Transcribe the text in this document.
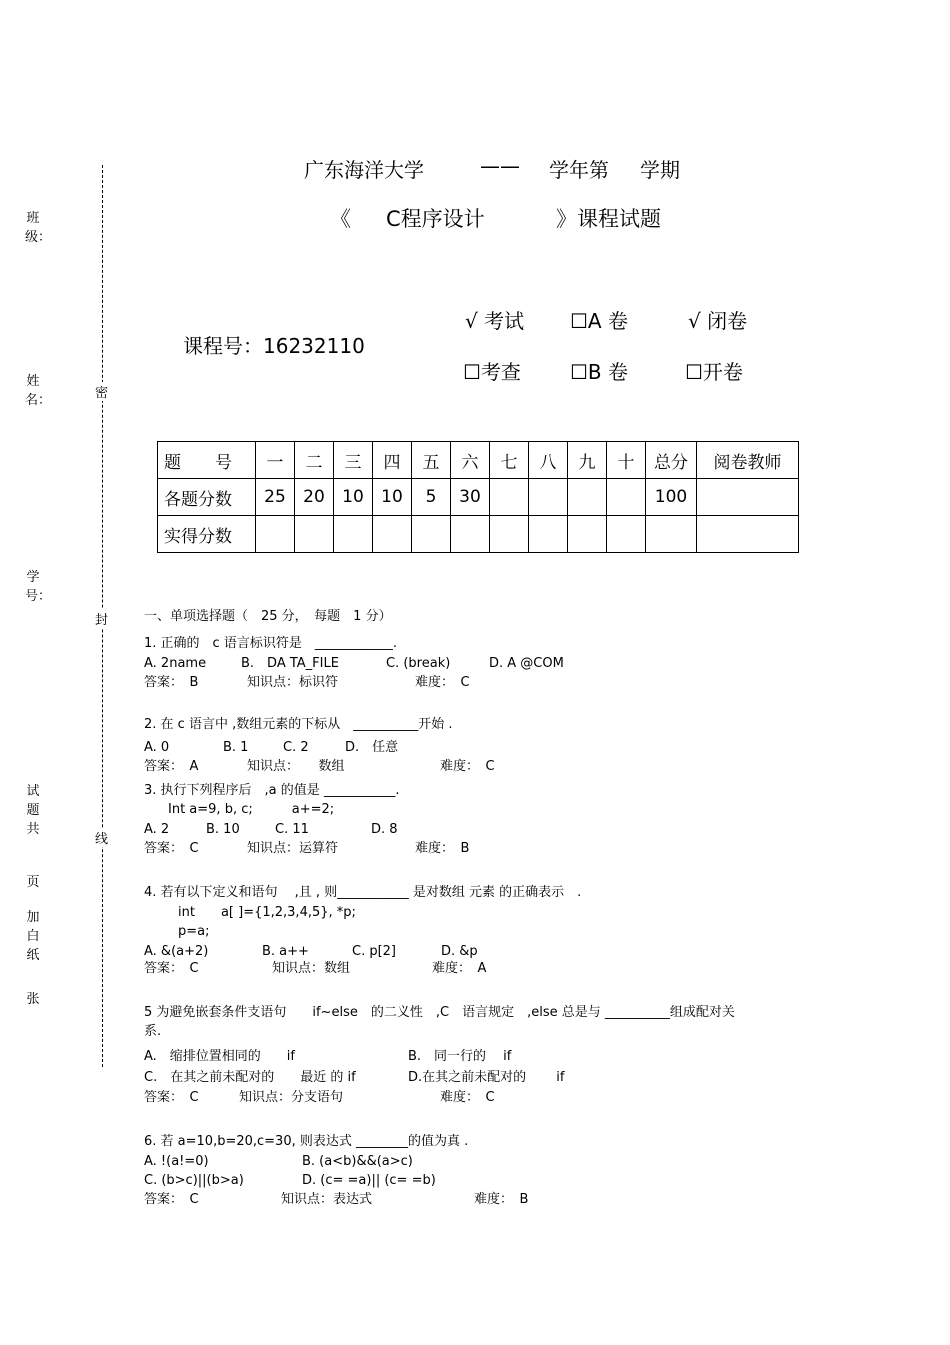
班级：
姓名：
学号：
试题共
页
加白纸
张
密
封
线
广东海洋大学	—— 学年第 学期
《 C程序设计	》课程试题
课程号：16232110
√ 考试 ☐A 卷	√ 闭卷
☐考查 ☐B 卷	☐开卷
题　　号	一	二	三	四	五	六	七	八	九	十	总分	阅卷教师
各题分数	25	20	10	10	5	30					100	
实得分数												
一、单项选择题（　25 分，　每题　1 分）
1. 正确的　c 语言标识符是　____________.
A. 2name	B.　DA TA_FILE	C. (break)	D. A @COM
答案：　B	知识点：标识符	难度：　C
2. 在 c 语言中 ,数组元素的下标从　__________开始 .
A. 0	B. 1	C. 2	D.　任意
答案：　A	知识点：　　数组	难度：　C
3. 执行下列程序后　,a 的值是 ___________.
Int a=9, b, c;　　　a+=2;
A. 2	B. 10	C. 11	D. 8
答案：　C	知识点：运算符	难度：　B
4. 若有以下定义和语句　 ,且 , 则___________ 是对数组 元素 的正确表示　.
int　　a[ ]={1,2,3,4,5}, *p;
p=a;
A. &(a+2)	B. a++	C. p[2]	D. &p
答案：　C	知识点：数组	难度：　A
5 为避免嵌套条件支语句　　if~else　的二义性　,C　语言规定　,else 总是与 __________组成配对关
系.
A.　缩排位置相同的　　if	B.　同一行的　 if
C.　在其之前未配对的　　最近 的 if	D.在其之前未配对的　　 if
答案：　C	知识点：分支语句	难度：　C
6. 若 a=10,b=20,c=30, 则表达式 ________的值为真 .
A. !(a!=0)	B. (a<b)&&(a>c)
C. (b>c)||(b>a)	D. (c= =a)|| (c= =b)
答案：　C	知识点：表达式	难度：　B
